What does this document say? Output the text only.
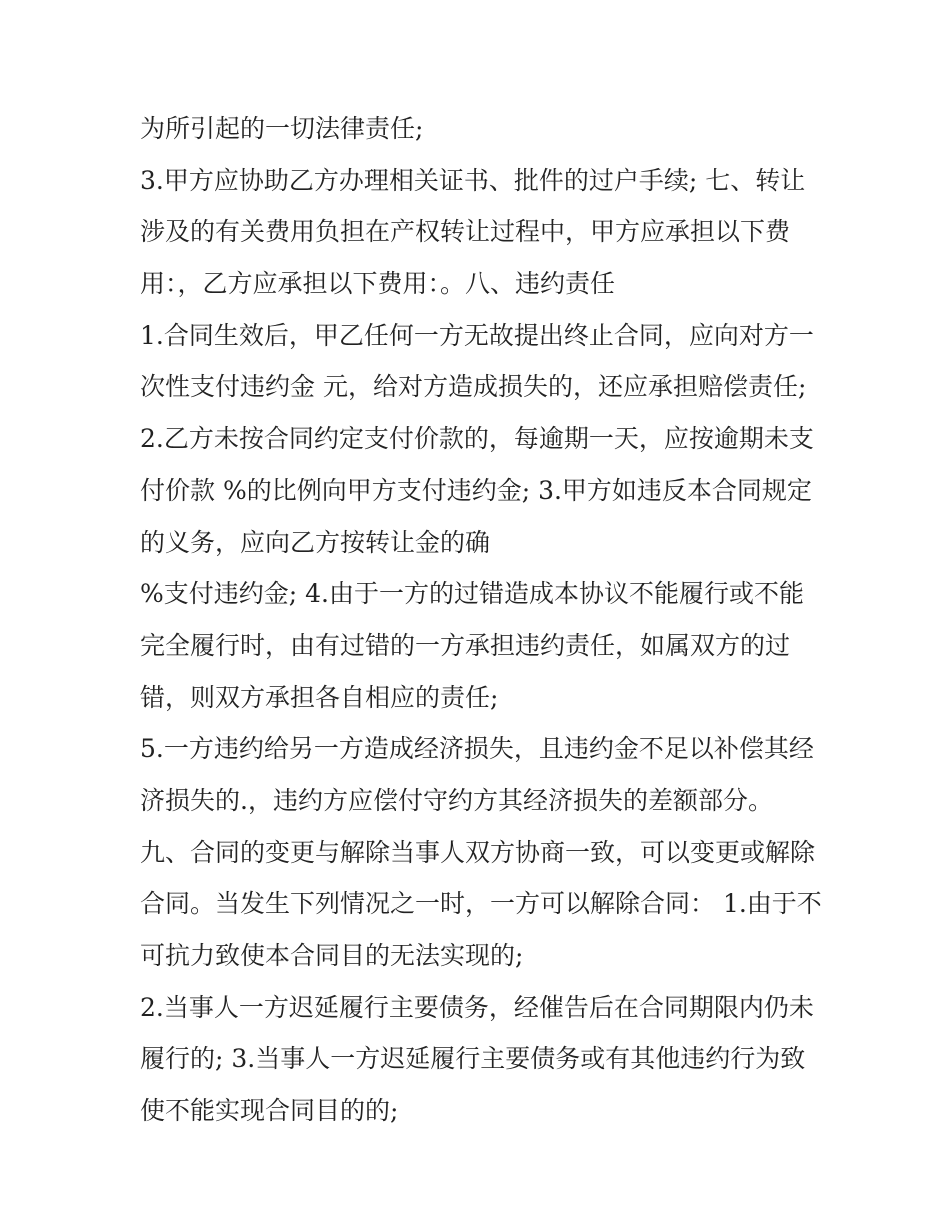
为所引起的一切法律责任;
3.甲方应协助乙方办理相关证书、批件的过户手续; 七、转让
涉及的有关费用负担在产权转让过程中，甲方应承担以下费
用：，乙方应承担以下费用：。八、违约责任
1.合同生效后，甲乙任何一方无故提出终止合同，应向对方一
次性支付违约金 元，给对方造成损失的，还应承担赔偿责任;
2.乙方未按合同约定支付价款的，每逾期一天，应按逾期未支
付价款 %的比例向甲方支付违约金; 3.甲方如违反本合同规定
的义务，应向乙方按转让金的确
%支付违约金; 4.由于一方的过错造成本协议不能履行或不能
完全履行时，由有过错的一方承担违约责任，如属双方的过
错，则双方承担各自相应的责任;
5.一方违约给另一方造成经济损失，且违约金不足以补偿其经
济损失的.，违约方应偿付守约方其经济损失的差额部分。
九、合同的变更与解除当事人双方协商一致，可以变更或解除
合同。当发生下列情况之一时，一方可以解除合同： 1.由于不
可抗力致使本合同目的无法实现的;
2.当事人一方迟延履行主要债务，经催告后在合同期限内仍未
履行的; 3.当事人一方迟延履行主要债务或有其他违约行为致
使不能实现合同目的的;
